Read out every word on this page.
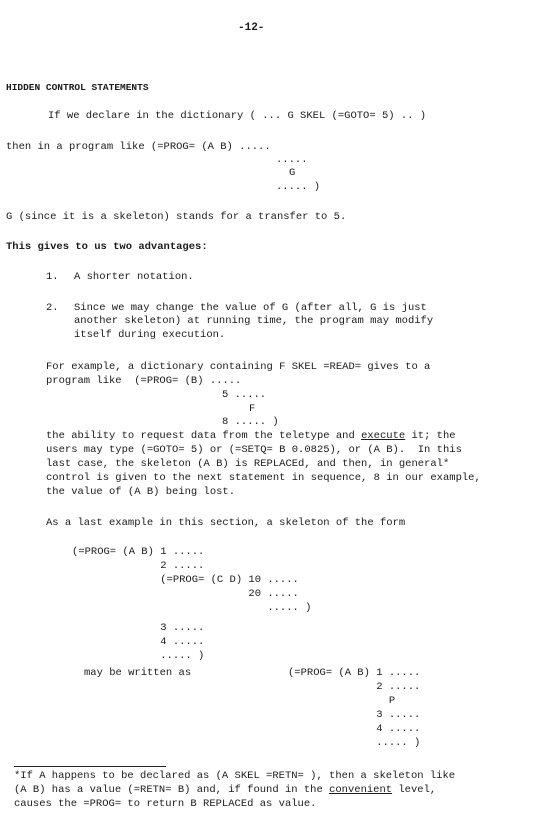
-12-
HIDDEN CONTROL STATEMENTS
If we declare in the dictionary ( ... G SKEL (=GOTO= 5) .. )
then in a program like (=PROG= (A B) .....
.....
G
..... )
G (since it is a skeleton) stands for a transfer to 5.
This gives to us two advantages:
1. A shorter notation.
2. Since we may change the value of G (after all, G is just
another skeleton) at running time, the program may modify
itself during execution.
For example, a dictionary containing F SKEL =READ= gives to a
program like  (=PROG= (B) .....
5 .....
F
8 ..... )
the ability to request data from the teletype and execute it; the
users may type (=GOTO= 5) or (=SETQ= B 0.0825), or (A B).  In this
last case, the skeleton (A B) is REPLACEd, and then, in general*
control is given to the next statement in sequence, 8 in our example,
the value of (A B) being lost.
As a last example in this section, a skeleton of the form
(=PROG= (A B) 1 .....
2 .....
(=PROG= (C D) 10 .....
20 .....
..... )
3 .....
4 .....
..... )
may be written as	(=PROG= (A B) 1 .....
2 .....
P
3 .....
4 .....
..... )
*If A happens to be declared as (A SKEL =RETN= ), then a skeleton like
(A B) has a value (=RETN= B) and, if found in the convenient level,
causes the =PROG= to return B REPLACEd as value.
